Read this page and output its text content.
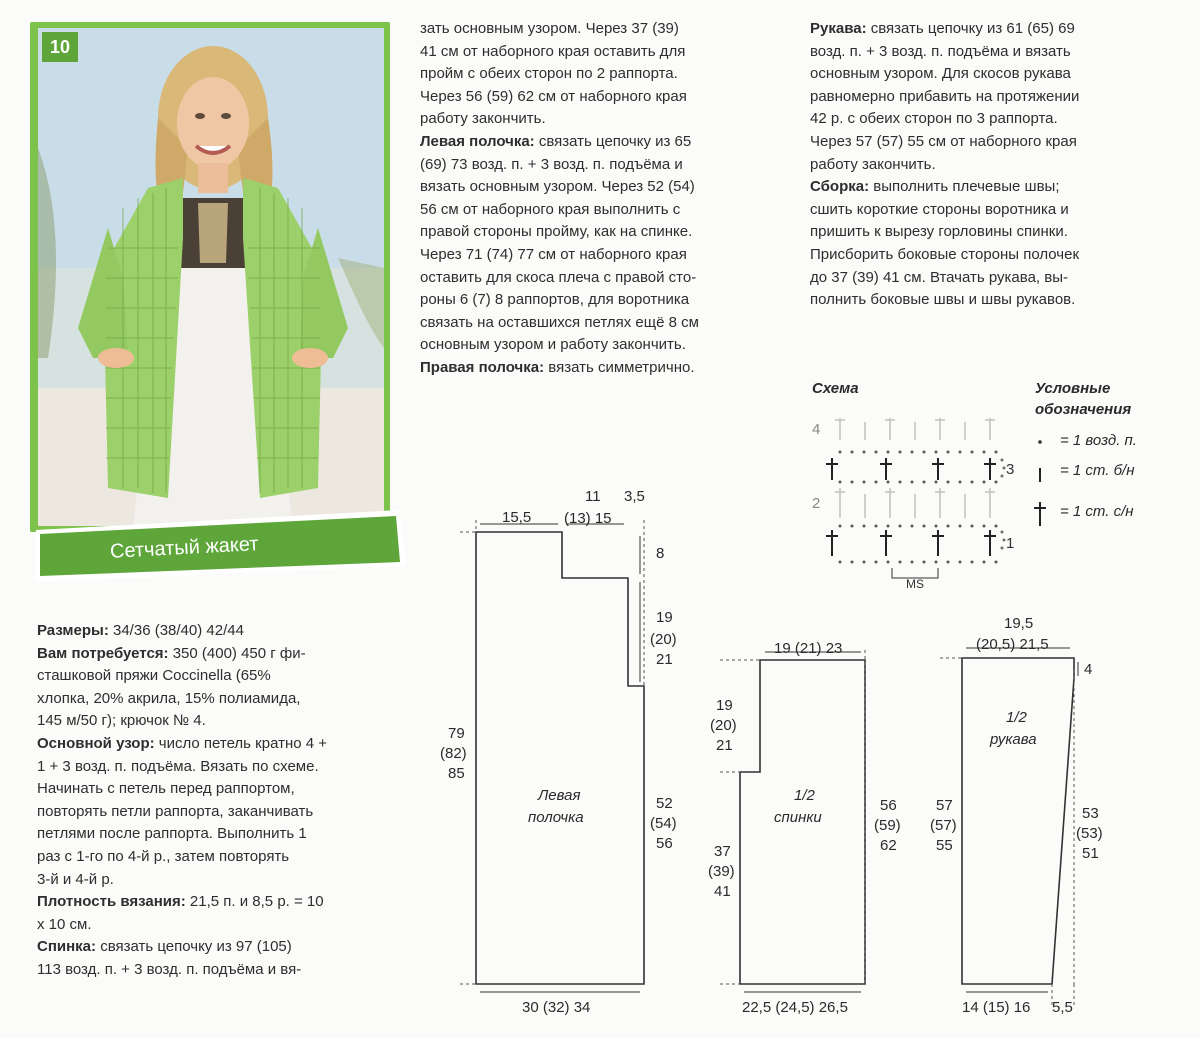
10
Сетчатый жакет

зать основным узором. Через 37 (39)

41 см от наборного края оставить для

пройм с обеих сторон по 2 раппорта.

Через 56 (59) 62 см от наборного края

работу закончить.

Левая полочка: связать цепочку из 65

(69) 73 возд. п. + 3 возд. п. подъёма и

вязать основным узором. Через 52 (54)

56 см от наборного края выполнить с

правой стороны пройму, как на спинке.

Через 71 (74) 77 см от наборного края

оставить для скоса плеча с правой сто-

роны 6 (7) 8 раппортов, для воротника

связать на оставшихся петлях ещё 8 см

основным узором и работу закончить.

Правая полочка: вязать симметрично.

Рукава: связать цепочку из 61 (65) 69

возд. п. + 3 возд. п. подъёма и вязать

основным узором. Для скосов рукава

равномерно прибавить на протяжении

42 р. с обеих сторон по 3 раппорта.

Через 57 (57) 55 см от наборного края

работу закончить.

Сборка: выполнить плечевые швы;

сшить короткие стороны воротника и

пришить к вырезу горловины спинки.

Присборить боковые стороны полочек

до 37 (39) 41 см. Втачать рукава, вы-

полнить боковые швы и швы рукавов.

Размеры: 34/36 (38/40) 42/44

Вам потребуется: 350 (400) 450 г фи-

сташковой пряжи Coccinella (65%

хлопка, 20% акрила, 15% полиамида,

145 м/50 г); крючок № 4.

Основной узор: число петель кратно 4 +

1 + 3 возд. п. подъёма. Вязать по схеме.

Начинать с петель перед раппортом,

повторять петли раппорта, заканчивать

петлями после раппорта. Выполнить 1

раз с 1-го по 4-й р., затем повторять

3-й и 4-й р.

Плотность вязания: 21,5 п. и 8,5 р. = 10

х 10 см.

Спинка: связать цепочку из 97 (105)

113 возд. п. + 3 возд. п. подъёма и вя-

Схема	Условные
обозначения
4
3
2
1
MS
= 1 возд. п.
= 1 ст. б/н
= 1 ст. с/н
15,5 (13) 15
8
19
(20)
21
79
(82)
85
52
(54)
56
Левая
полочка
30 (32) 34
19 (21) 23
19
(20)
21
37
(39)
41
56
(59)
62
1/2
спинки
22,5 (24,5) 26,5
19,5
(20,5) 21,5
4
57
(57)
55
53
(53)
51
1/2
рукава
14 (15) 16 5,5
11 3,5
